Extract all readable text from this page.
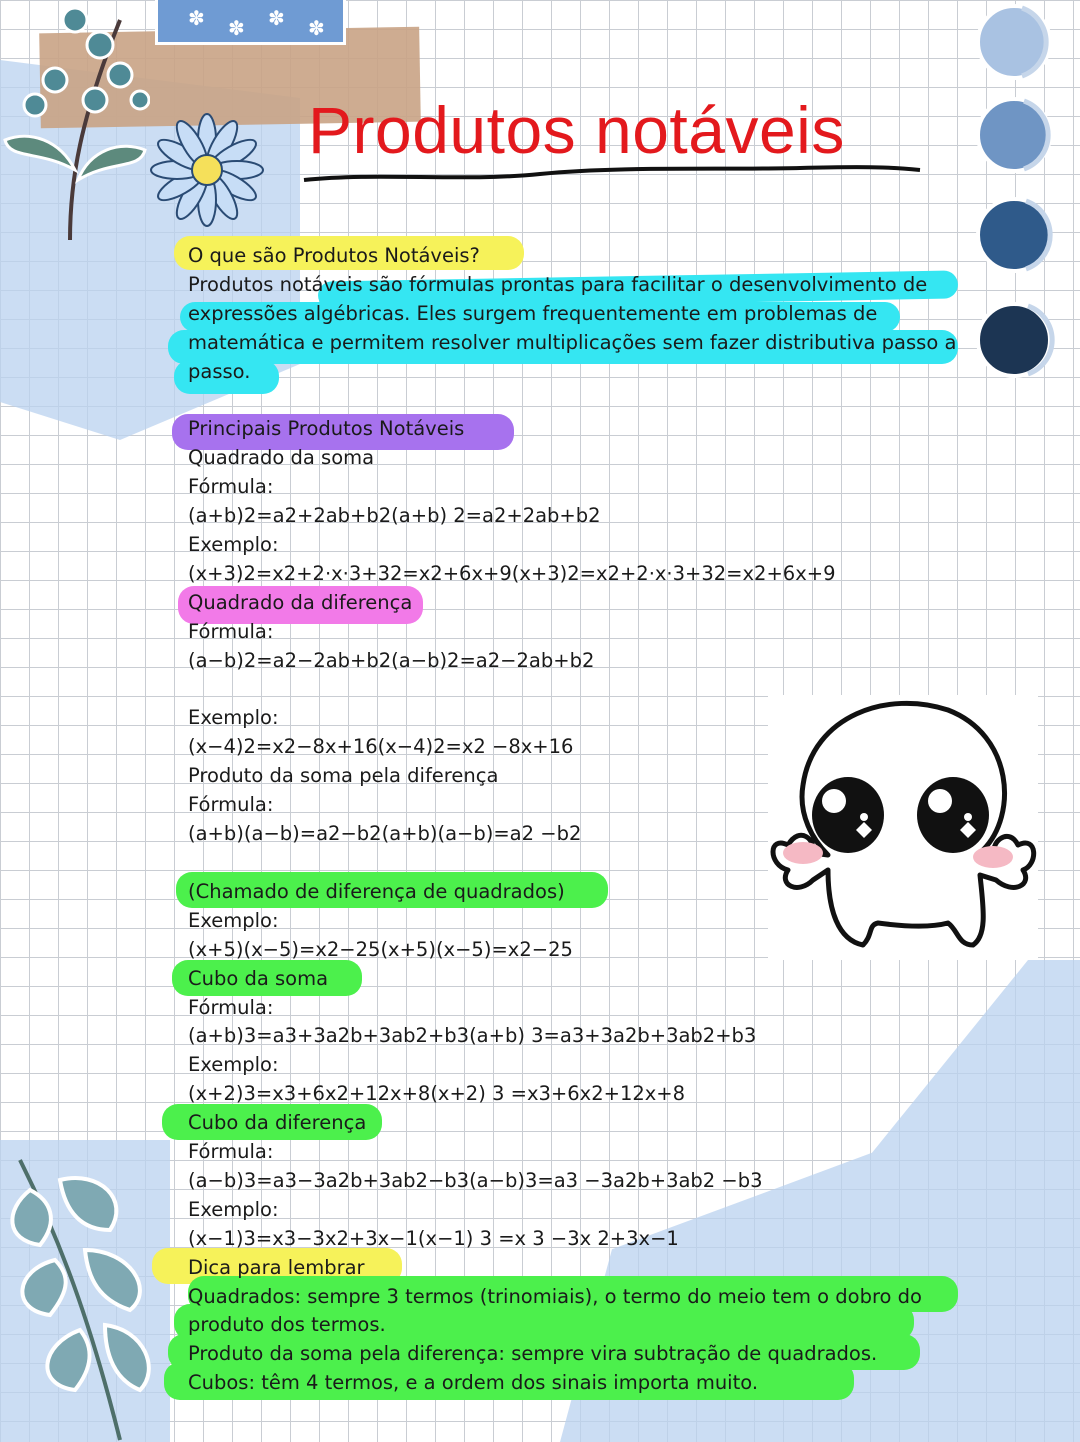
✽ ✽ ✽ ✽
Produtos notáveis
O que são Produtos Notáveis?
Produtos notáveis são fórmulas prontas para facilitar o desenvolvimento de
expressões algébricas. Eles surgem frequentemente em problemas de
matemática e permitem resolver multiplicações sem fazer distributiva passo a
passo.
Principais Produtos Notáveis
Quadrado da soma
Fórmula:
(a+b)2=a2+2ab+b2(a+b) 2=a2+2ab+b2
Exemplo:
(x+3)2=x2+2·x·3+32=x2+6x+9(x+3)2=x2+2·x·3+32=x2+6x+9
Quadrado da diferença
Fórmula:
(a−b)2=a2−2ab+b2(a−b)2=a2−2ab+b2
Exemplo:
(x−4)2=x2−8x+16(x−4)2=x2 −8x+16
Produto da soma pela diferença
Fórmula:
(a+b)(a−b)=a2−b2(a+b)(a−b)=a2 −b2
(Chamado de diferença de quadrados)
Exemplo:
(x+5)(x−5)=x2−25(x+5)(x−5)=x2−25
Cubo da soma
Fórmula:
(a+b)3=a3+3a2b+3ab2+b3(a+b) 3=a3+3a2b+3ab2+b3
Exemplo:
(x+2)3=x3+6x2+12x+8(x+2) 3 =x3+6x2+12x+8
Cubo da diferença
Fórmula:
(a−b)3=a3−3a2b+3ab2−b3(a−b)3=a3 −3a2b+3ab2 −b3
Exemplo:
(x−1)3=x3−3x2+3x−1(x−1) 3 =x 3 −3x 2+3x−1
Dica para lembrar
Quadrados: sempre 3 termos (trinomiais), o termo do meio tem o dobro do
produto dos termos.
Produto da soma pela diferença: sempre vira subtração de quadrados.
Cubos: têm 4 termos, e a ordem dos sinais importa muito.
